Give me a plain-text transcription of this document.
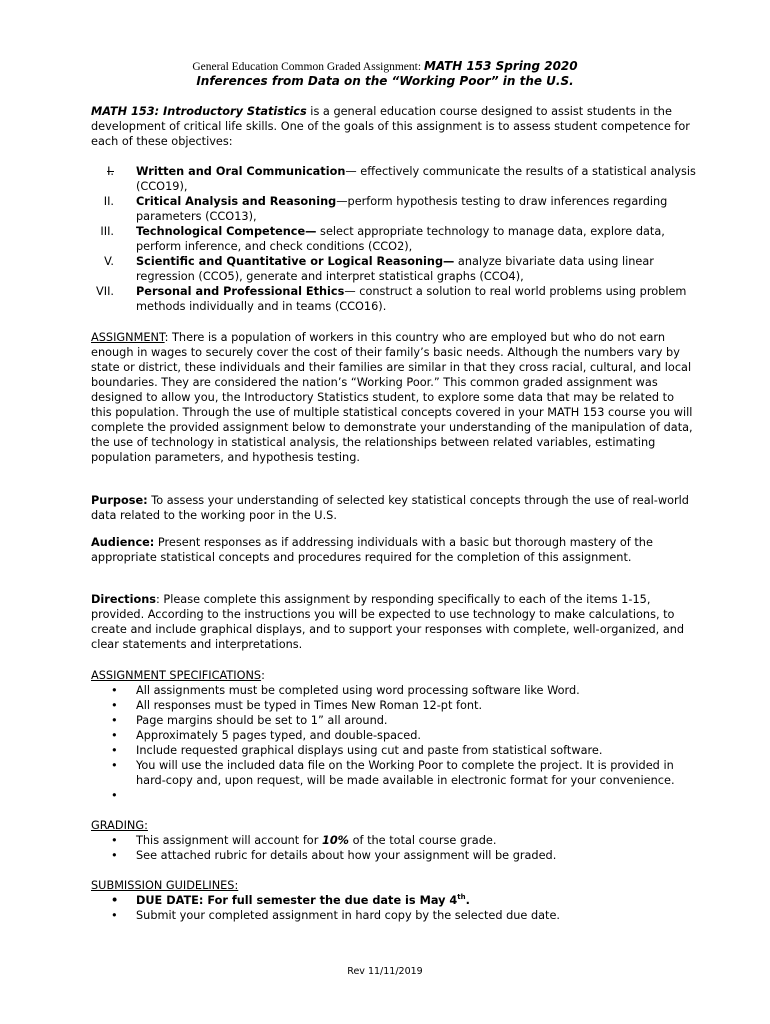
General Education Common Graded Assignment: MATH 153 Spring 2020
Inferences from Data on the “Working Poor” in the U.S.
MATH 153: Introductory Statistics is a general education course designed to assist students in the development of critical life skills. One of the goals of this assignment is to assess student competence for each of these objectives:
I. Written and Oral Communication— effectively communicate the results of a statistical analysis (CCO19),
II. Critical Analysis and Reasoning—perform hypothesis testing to draw inferences regarding parameters (CCO13),
III. Technological Competence— select appropriate technology to manage data, explore data, perform inference, and check conditions (CCO2),
V. Scientific and Quantitative or Logical Reasoning— analyze bivariate data using linear regression (CCO5), generate and interpret statistical graphs (CCO4),
VII. Personal and Professional Ethics— construct a solution to real world problems using problem methods individually and in teams (CCO16).
ASSIGNMENT: There is a population of workers in this country who are employed but who do not earn enough in wages to securely cover the cost of their family’s basic needs. Although the numbers vary by state or district, these individuals and their families are similar in that they cross racial, cultural, and local boundaries. They are considered the nation’s “Working Poor.” This common graded assignment was designed to allow you, the Introductory Statistics student, to explore some data that may be related to this population. Through the use of multiple statistical concepts covered in your MATH 153 course you will complete the provided assignment below to demonstrate your understanding of the manipulation of data, the use of technology in statistical analysis, the relationships between related variables, estimating population parameters, and hypothesis testing.
Purpose: To assess your understanding of selected key statistical concepts through the use of real-world data related to the working poor in the U.S.
Audience: Present responses as if addressing individuals with a basic but thorough mastery of the appropriate statistical concepts and procedures required for the completion of this assignment.
Directions: Please complete this assignment by responding specifically to each of the items 1-15, provided. According to the instructions you will be expected to use technology to make calculations, to create and include graphical displays, and to support your responses with complete, well-organized, and clear statements and interpretations.
ASSIGNMENT SPECIFICATIONS:
• All assignments must be completed using word processing software like Word.
• All responses must be typed in Times New Roman 12-pt font.
• Page margins should be set to 1” all around.
• Approximately 5 pages typed, and double-spaced.
• Include requested graphical displays using cut and paste from statistical software.
• You will use the included data file on the Working Poor to complete the project. It is provided in hard-copy and, upon request, will be made available in electronic format for your convenience.
•
GRADING:
• This assignment will account for 10% of the total course grade.
• See attached rubric for details about how your assignment will be graded.
SUBMISSION GUIDELINES:
• DUE DATE: For full semester the due date is May 4th.
• Submit your completed assignment in hard copy by the selected due date.
Rev 11/11/2019
